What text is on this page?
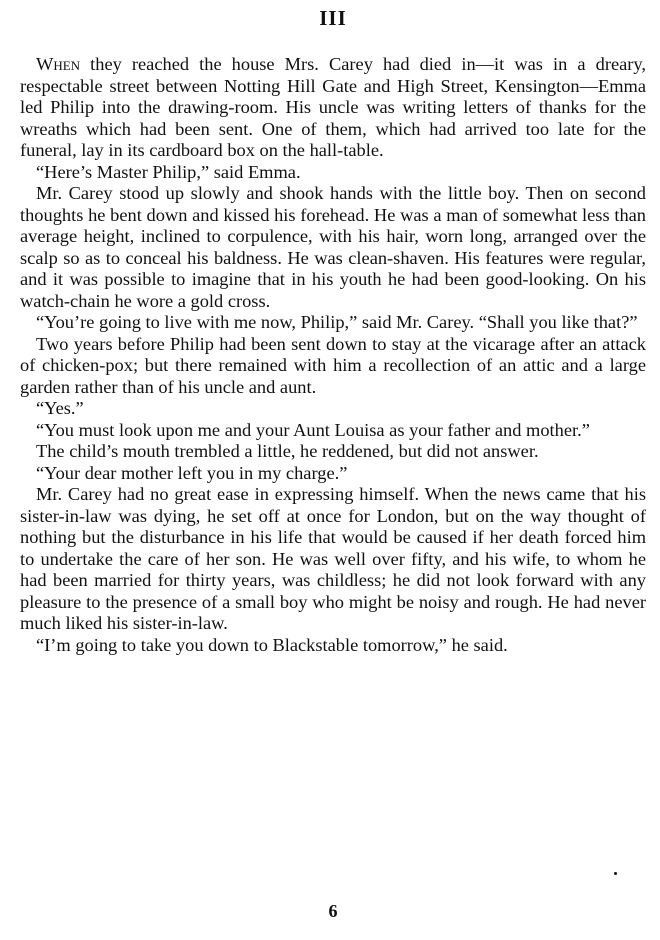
III

When they reached the house Mrs. Carey had died in—it was in a dreary, respectable street between Notting Hill Gate and High Street, Kensington—Emma led Philip into the drawing-room. His uncle was writing letters of thanks for the wreaths which had been sent. One of them, which had arrived too late for the funeral, lay in its cardboard box on the hall-table.

“Here’s Master Philip,” said Emma.

Mr. Carey stood up slowly and shook hands with the little boy. Then on second thoughts he bent down and kissed his forehead. He was a man of somewhat less than average height, inclined to corpulence, with his hair, worn long, arranged over the scalp so as to conceal his baldness. He was clean-shaven. His features were regular, and it was possible to imagine that in his youth he had been good-looking. On his watch-chain he wore a gold cross.

“You’re going to live with me now, Philip,” said Mr. Carey. “Shall you like that?”

Two years before Philip had been sent down to stay at the vicarage after an attack of chicken-pox; but there remained with him a recollection of an attic and a large garden rather than of his uncle and aunt.

“Yes.”

“You must look upon me and your Aunt Louisa as your father and mother.”

The child’s mouth trembled a little, he reddened, but did not answer.

“Your dear mother left you in my charge.”

Mr. Carey had no great ease in expressing himself. When the news came that his sister-in-law was dying, he set off at once for London, but on the way thought of nothing but the disturbance in his life that would be caused if her death forced him to undertake the care of her son. He was well over fifty, and his wife, to whom he had been married for thirty years, was childless; he did not look forward with any pleasure to the presence of a small boy who might be noisy and rough. He had never much liked his sister-in-law.

“I’m going to take you down to Blackstable tomorrow,” he said.

6
